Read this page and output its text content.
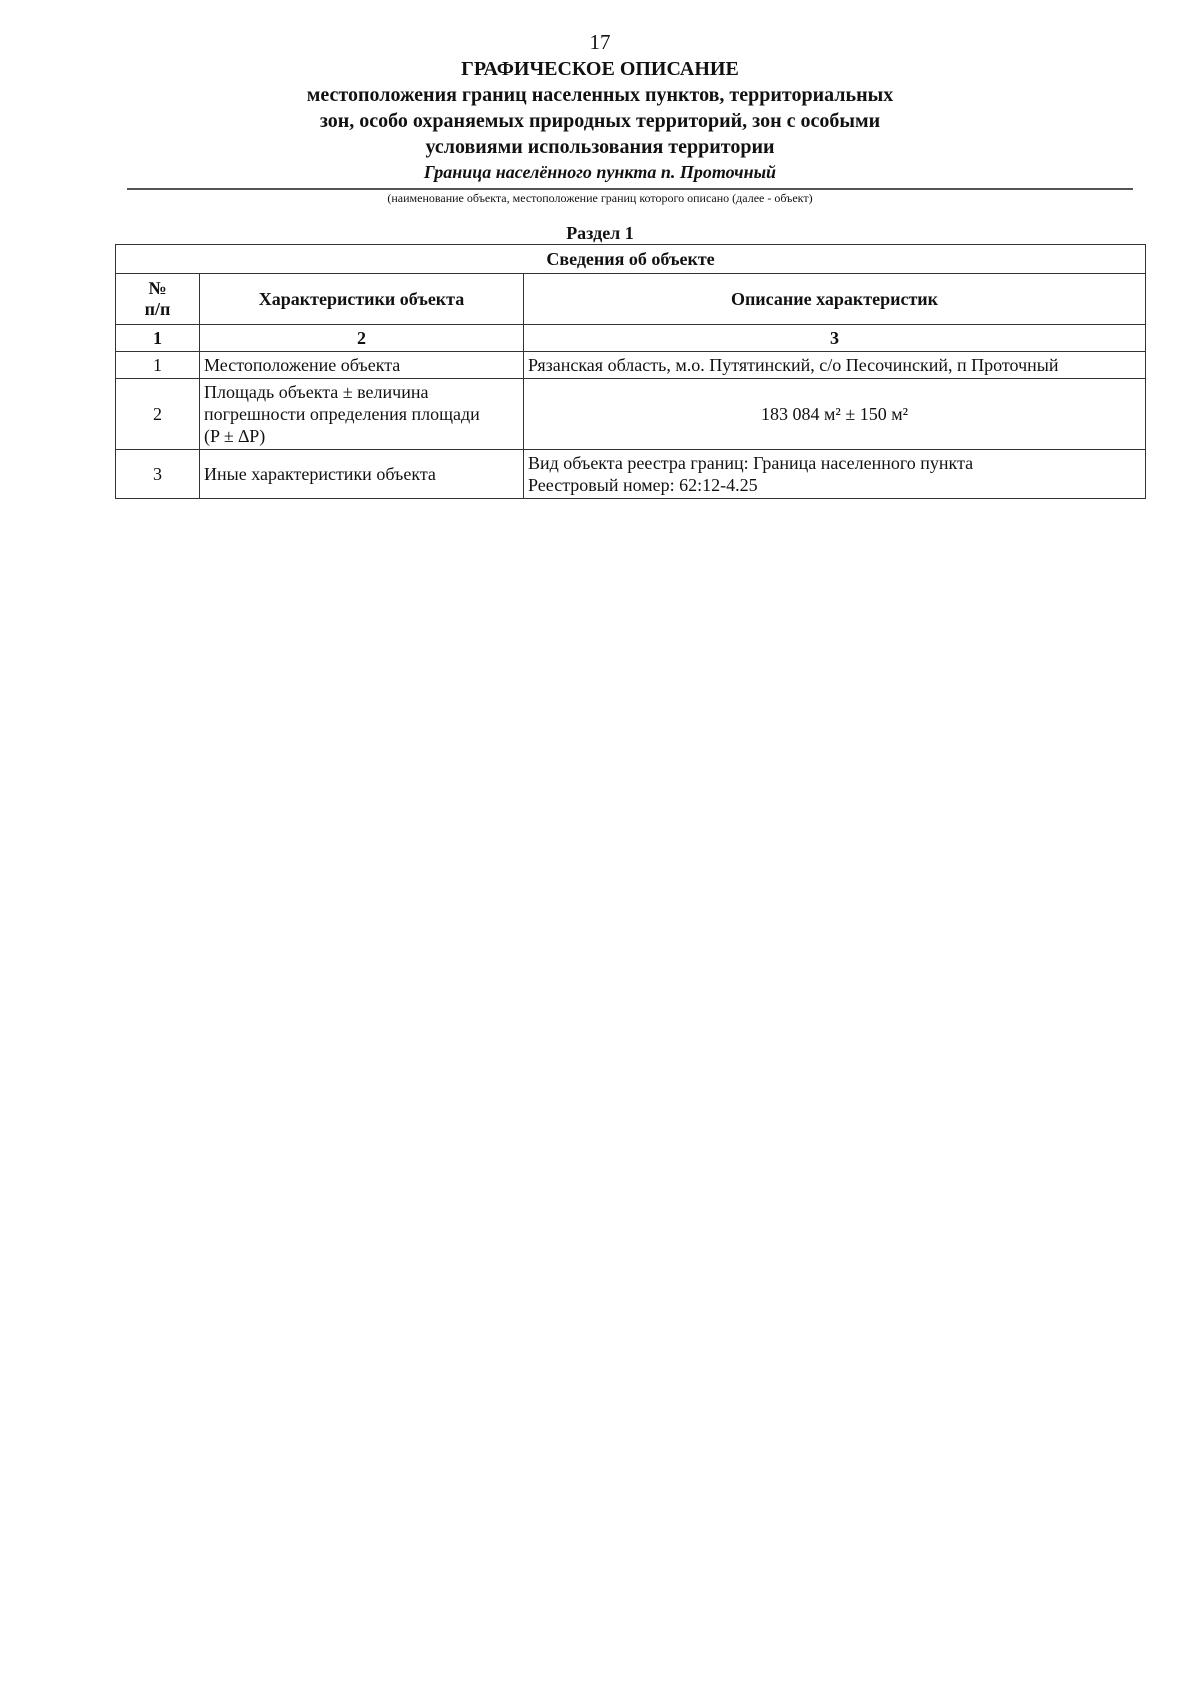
17
ГРАФИЧЕСКОЕ ОПИСАНИЕ
местоположения границ населенных пунктов, территориальных
зон, особо охраняемых природных территорий, зон с особыми
условиями использования территории
Граница населённого пункта п. Проточный
(наименование объекта, местоположение границ которого описано (далее - объект)
Раздел 1
Сведения об объекте		

№
п/п	Характеристики объекта	Описание характеристик
1	2	3
1	Местоположение объекта	Рязанская область, м.о. Путятинский, с/о Песочинский, п Проточный

2	Площадь объекта ± величина
погрешности определения площади
(P ± ∆P)	183 084 м² ± 150 м²

3	Иные характеристики объекта	Вид объекта реестра границ: Граница населенного пункта
Реестровый номер: 62:12-4.25
